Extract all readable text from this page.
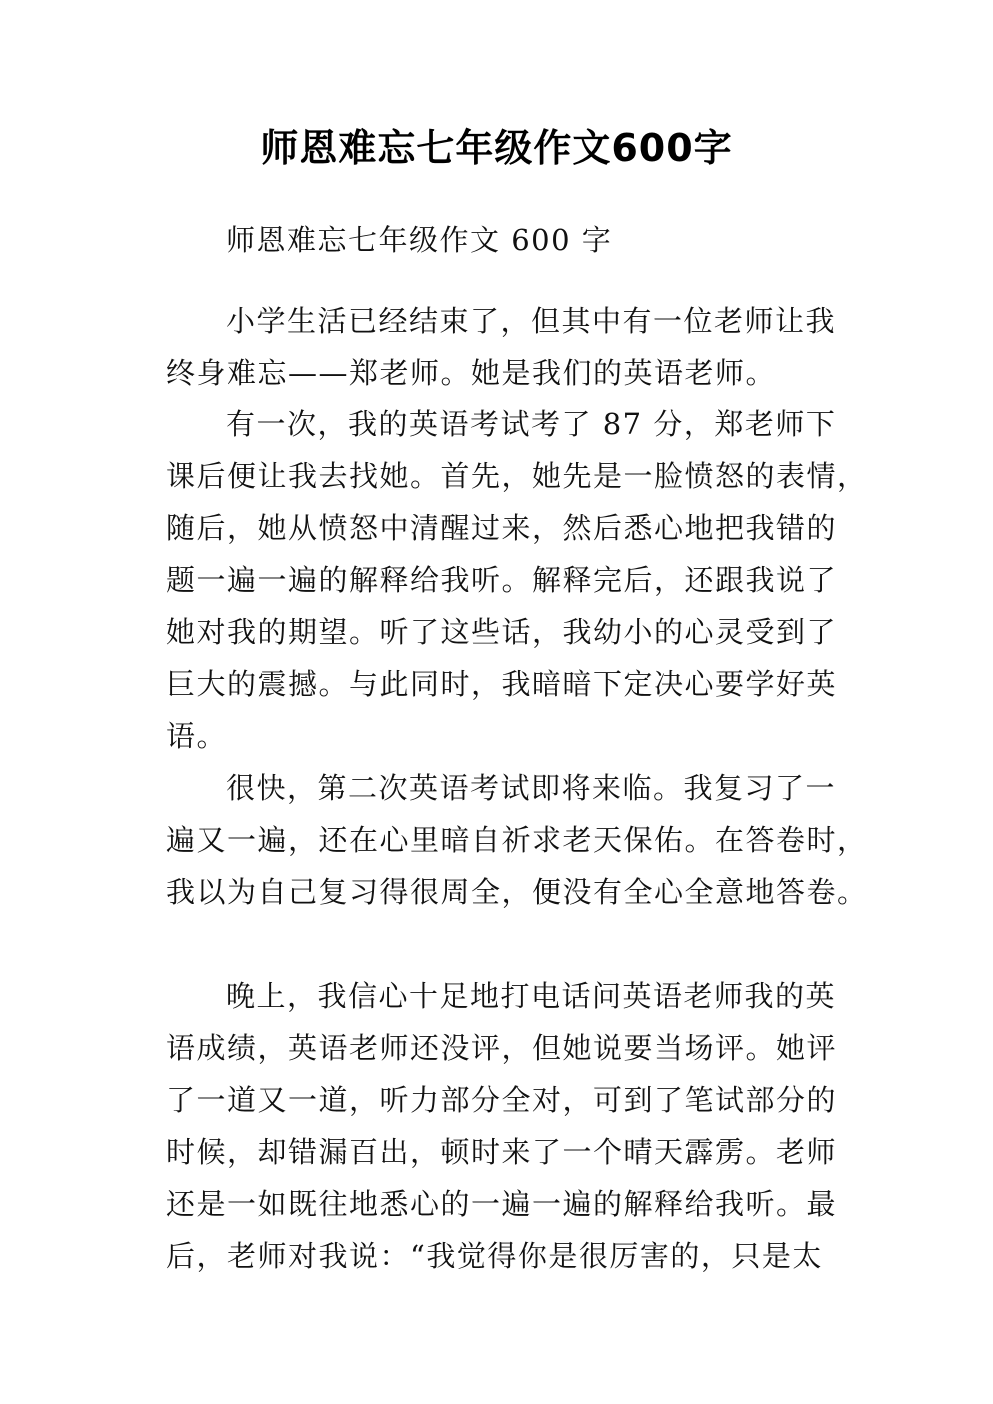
师恩难忘七年级作文600字
师恩难忘七年级作文 600 字
小学生活已经结束了，但其中有一位老师让我
终身难忘——郑老师。她是我们的英语老师。
有一次，我的英语考试考了 87 分，郑老师下
课后便让我去找她。首先，她先是一脸愤怒的表情，
随后，她从愤怒中清醒过来，然后悉心地把我错的
题一遍一遍的解释给我听。解释完后，还跟我说了
她对我的期望。听了这些话，我幼小的心灵受到了
巨大的震撼。与此同时，我暗暗下定决心要学好英
语。
很快，第二次英语考试即将来临。我复习了一
遍又一遍，还在心里暗自祈求老天保佑。在答卷时，
我以为自己复习得很周全，便没有全心全意地答卷。
晚上，我信心十足地打电话问英语老师我的英
语成绩，英语老师还没评，但她说要当场评。她评
了一道又一道，听力部分全对，可到了笔试部分的
时候，却错漏百出，顿时来了一个晴天霹雳。老师
还是一如既往地悉心的一遍一遍的解释给我听。最
后，老师对我说：“我觉得你是很厉害的，只是太
